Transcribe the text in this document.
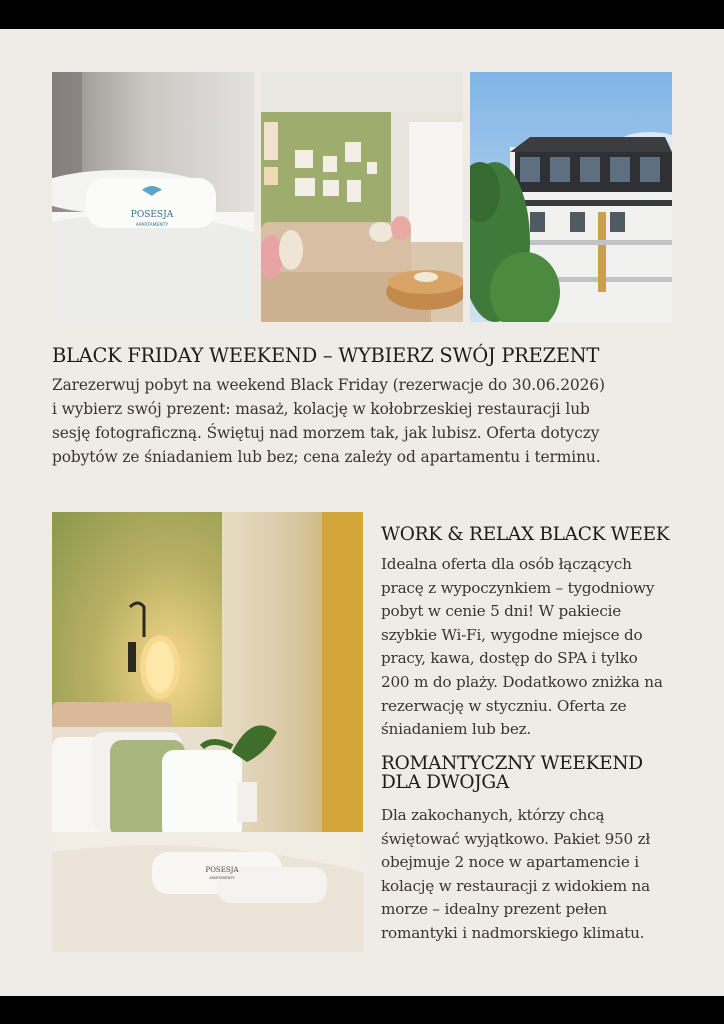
POSESJA
APARTAMENTY
BLACK FRIDAY WEEKEND – WYBIERZ SWÓJ PREZENT
Zarezerwuj pobyt na weekend Black Friday (rezerwacje do 30.06.2026)
i wybierz swój prezent: masaż, kolację w kołobrzeskiej restauracji lub
sesję fotograficzną. Świętuj nad morzem tak, jak lubisz. Oferta dotyczy
pobytów ze śniadaniem lub bez; cena zależy od apartamentu i terminu.
POSESJA
APARTAMENTY
WORK & RELAX BLACK WEEK
Idealna oferta dla osób łączących
pracę z wypoczynkiem – tygodniowy
pobyt w cenie 5 dni! W pakiecie
szybkie Wi-Fi, wygodne miejsce do
pracy, kawa, dostęp do SPA i tylko
200 m do plaży. Dodatkowo zniżka na
rezerwację w styczniu. Oferta ze
śniadaniem lub bez.
ROMANTYCZNY WEEKEND
DLA DWOJGA
Dla zakochanych, którzy chcą
świętować wyjątkowo. Pakiet 950 zł
obejmuje 2 noce w apartamencie i
kolację w restauracji z widokiem na
morze – idealny prezent pełen
romantyki i nadmorskiego klimatu.
